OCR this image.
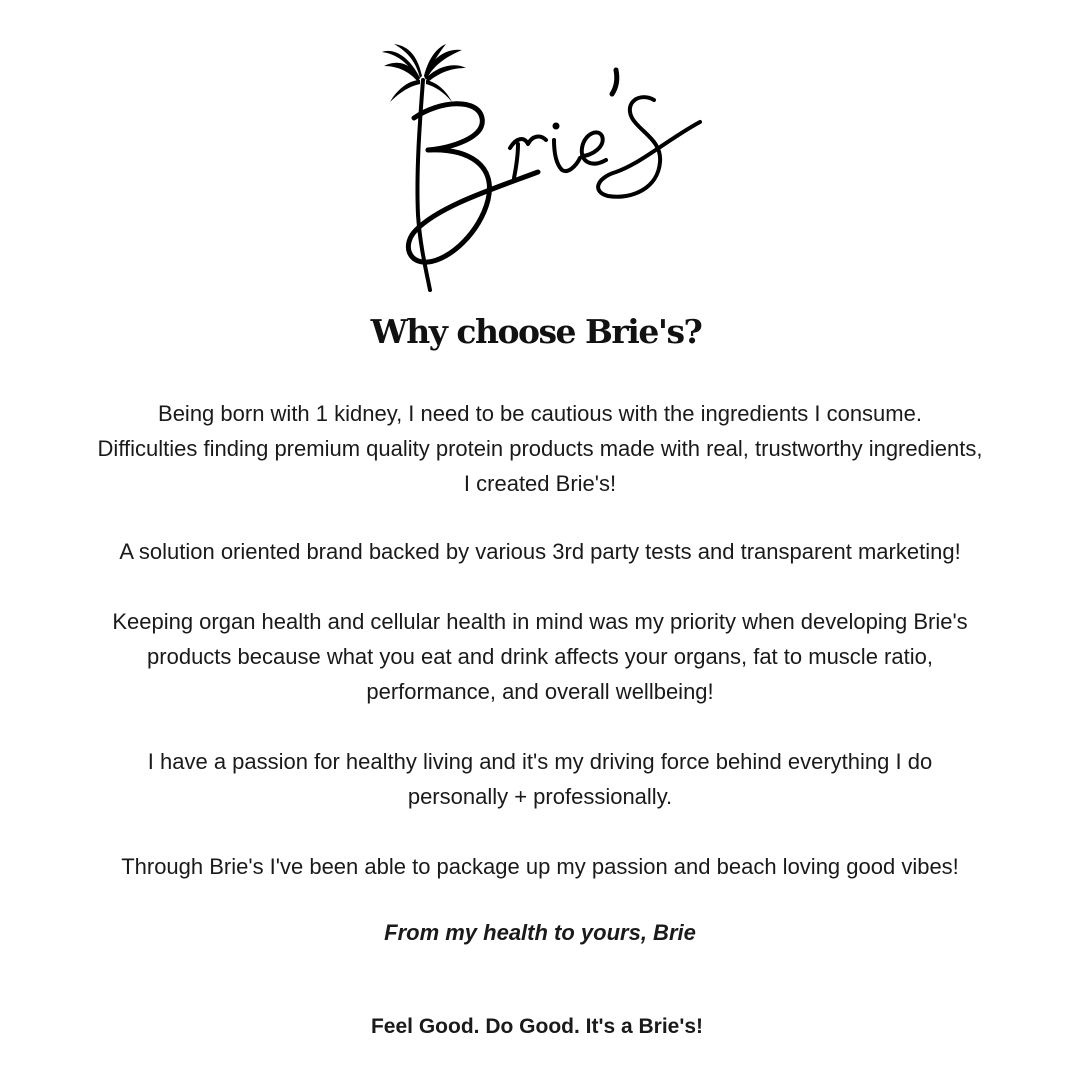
Why choose Brie's?

Being born with 1 kidney, I need to be cautious with the ingredients I consume.
Difficulties finding premium quality protein products made with real, trustworthy ingredients,
I created Brie's!

A solution oriented brand backed by various 3rd party tests and transparent marketing!

Keeping organ health and cellular health in mind was my priority when developing Brie's
products because what you eat and drink affects your organs, fat to muscle ratio,
performance, and overall wellbeing!

I have a passion for healthy living and it's my driving force behind everything I do
personally + professionally.

Through Brie's I've been able to package up my passion and beach loving good vibes!

From my health to yours, Brie

Feel Good. Do Good. It's a Brie's!
